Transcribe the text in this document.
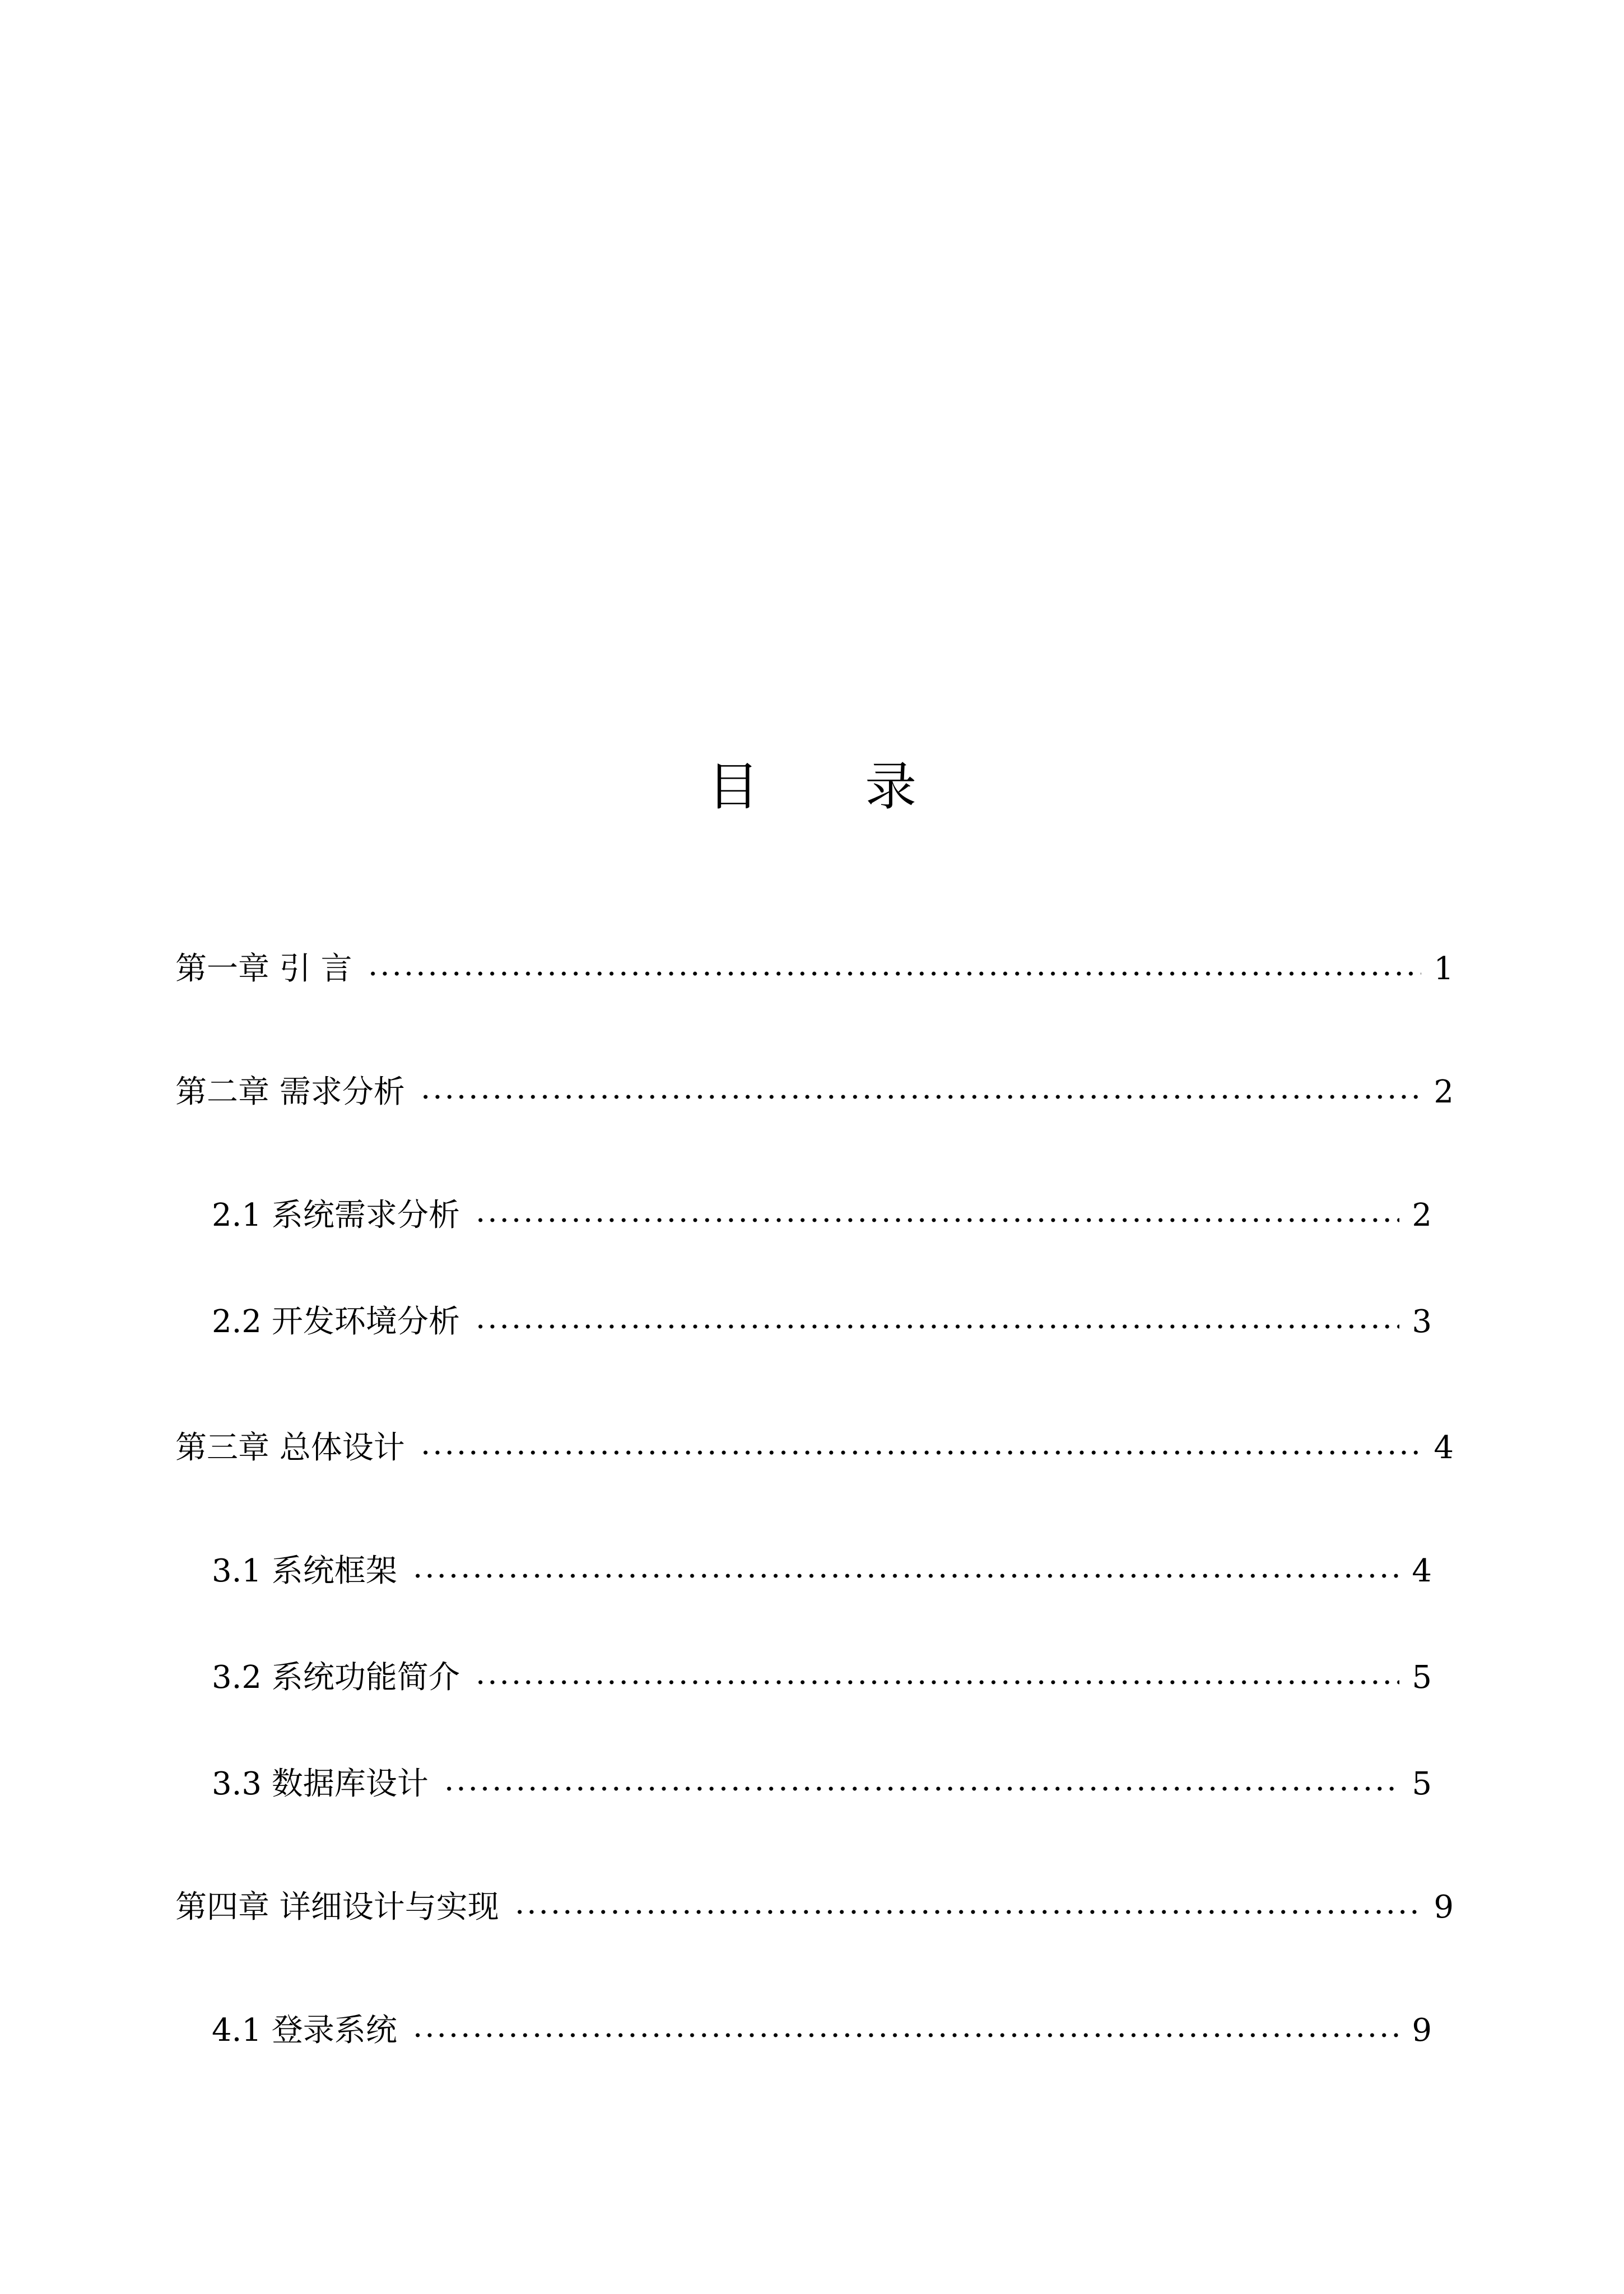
目 录
第一章 引 言	1
第二章 需求分析	2
2.1 系统需求分析	2
2.2 开发环境分析	3
第三章 总体设计	4
3.1 系统框架	4
3.2 系统功能简介	5
3.3 数据库设计	5
第四章 详细设计与实现	9
4.1 登录系统	9
